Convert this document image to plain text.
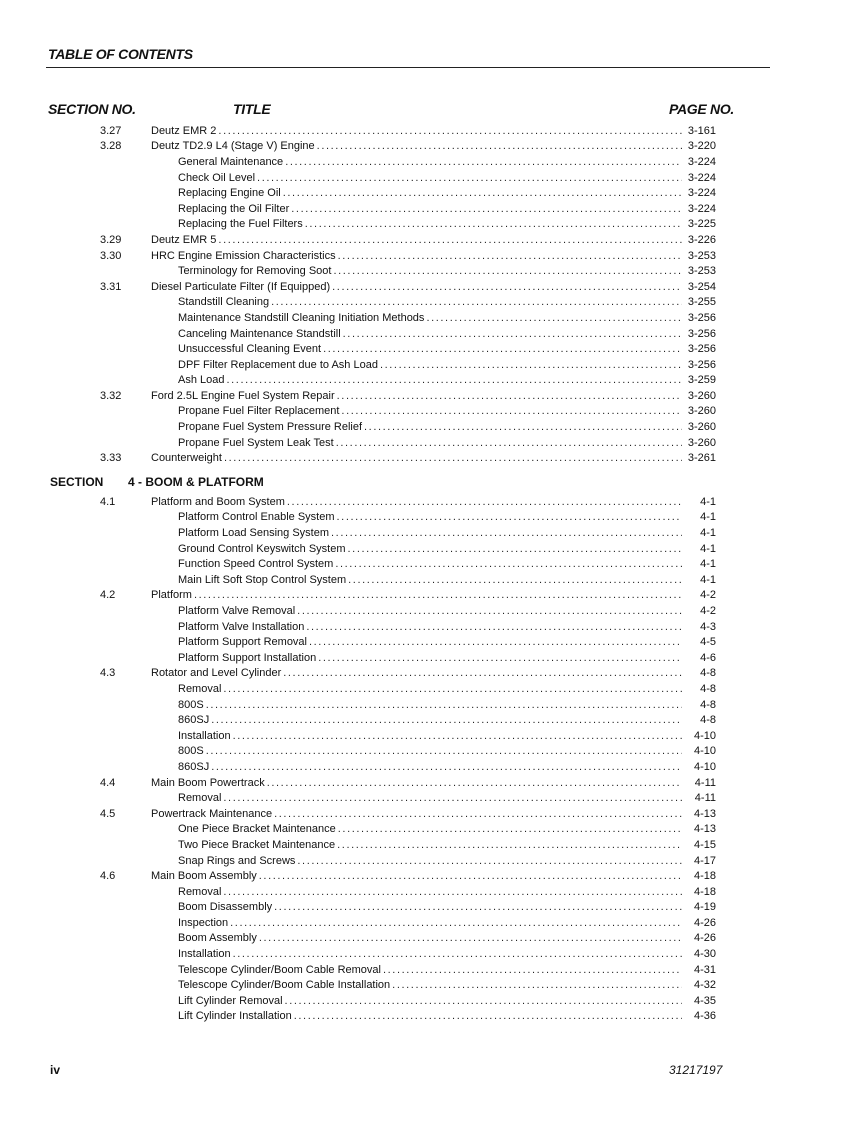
TABLE OF CONTENTS
SECTION NO.	TITLE	PAGE NO.
3.27	Deutz EMR 2 .....	3-161
3.28	Deutz TD2.9 L4 (Stage V) Engine .....	3-220
General Maintenance .....	3-224
Check Oil Level .....	3-224
Replacing Engine Oil .....	3-224
Replacing the Oil Filter .....	3-224
Replacing the Fuel Filters .....	3-225
3.29	Deutz EMR 5 .....	3-226
3.30	HRC Engine Emission Characteristics .....	3-253
Terminology for Removing Soot .....	3-253
3.31	Diesel Particulate Filter (If Equipped) .....	3-254
Standstill Cleaning .....	3-255
Maintenance Standstill Cleaning Initiation Methods .....	3-256
Canceling Maintenance Standstill .....	3-256
Unsuccessful Cleaning Event .....	3-256
DPF Filter Replacement due to Ash Load .....	3-256
Ash Load .....	3-259
3.32	Ford 2.5L Engine Fuel System Repair .....	3-260
Propane Fuel Filter Replacement .....	3-260
Propane Fuel System Pressure Relief .....	3-260
Propane Fuel System Leak Test .....	3-260
3.33	Counterweight .....	3-261
SECTION 4 - BOOM & PLATFORM
4.1	Platform and Boom System .....	4-1
Platform Control Enable System .....	4-1
Platform Load Sensing System .....	4-1
Ground Control Keyswitch System .....	4-1
Function Speed Control System .....	4-1
Main Lift Soft Stop Control System .....	4-1
4.2	Platform .....	4-2
Platform Valve Removal .....	4-2
Platform Valve Installation .....	4-3
Platform Support Removal .....	4-5
Platform Support Installation .....	4-6
4.3	Rotator and Level Cylinder .....	4-8
Removal .....	4-8
800S .....	4-8
860SJ .....	4-8
Installation .....	4-10
800S .....	4-10
860SJ .....	4-10
4.4	Main Boom Powertrack .....	4-11
Removal .....	4-11
4.5	Powertrack Maintenance .....	4-13
One Piece Bracket Maintenance .....	4-13
Two Piece Bracket Maintenance .....	4-15
Snap Rings and Screws .....	4-17
4.6	Main Boom Assembly .....	4-18
Removal .....	4-18
Boom Disassembly .....	4-19
Inspection .....	4-26
Boom Assembly .....	4-26
Installation .....	4-30
Telescope Cylinder/Boom Cable Removal .....	4-31
Telescope Cylinder/Boom Cable Installation .....	4-32
Lift Cylinder Removal .....	4-35
Lift Cylinder Installation .....	4-36
iv	31217197
